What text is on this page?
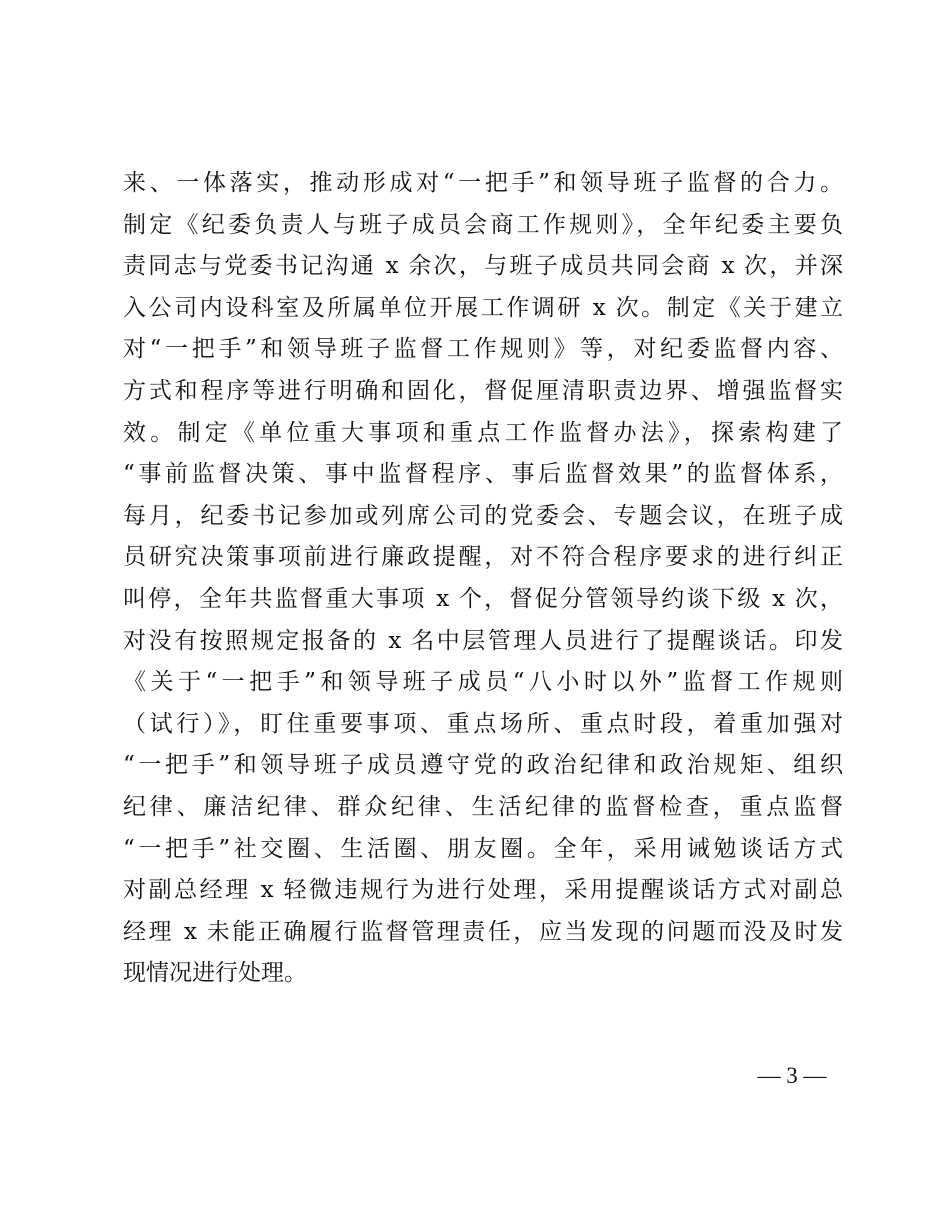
来、一体落实，推动形成对“一把手”和领导班子监督的合力。
制定《纪委负责人与班子成员会商工作规则》，全年纪委主要负
责同志与党委书记沟通 x 余次，与班子成员共同会商 x 次，并深
入公司内设科室及所属单位开展工作调研 x 次。制定《关于建立
对“一把手”和领导班子监督工作规则》等，对纪委监督内容、
方式和程序等进行明确和固化，督促厘清职责边界、增强监督实
效。制定《单位重大事项和重点工作监督办法》，探索构建了
“事前监督决策、事中监督程序、事后监督效果”的监督体系，
每月，纪委书记参加或列席公司的党委会、专题会议，在班子成
员研究决策事项前进行廉政提醒，对不符合程序要求的进行纠正
叫停，全年共监督重大事项 x 个，督促分管领导约谈下级 x 次，
对没有按照规定报备的 x 名中层管理人员进行了提醒谈话。印发
《关于“一把手”和领导班子成员“八小时以外”监督工作规则
（试行）》，盯住重要事项、重点场所、重点时段，着重加强对
“一把手”和领导班子成员遵守党的政治纪律和政治规矩、组织
纪律、廉洁纪律、群众纪律、生活纪律的监督检查，重点监督
“一把手”社交圈、生活圈、朋友圈。全年，采用诫勉谈话方式
对副总经理 x 轻微违规行为进行处理，采用提醒谈话方式对副总
经理 x 未能正确履行监督管理责任，应当发现的问题而没及时发
现情况进行处理。
— 3 —
